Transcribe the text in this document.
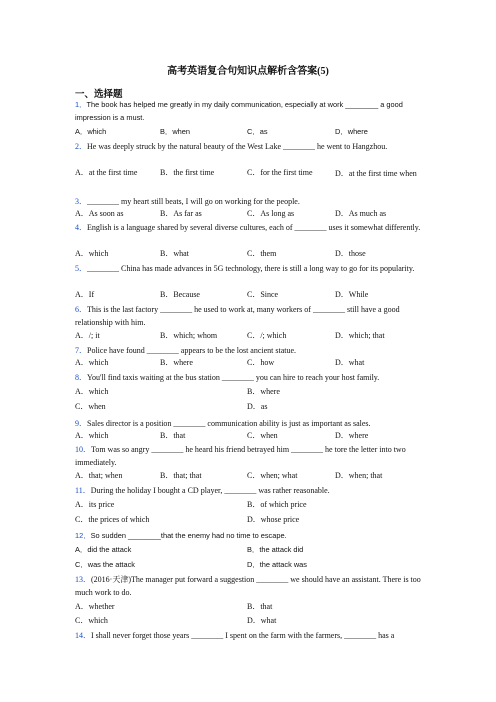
高考英语复合句知识点解析含答案(5)
一、选择题
1．The book has helped me greatly in my daily communication, especially at work ________ a good impression is a must.
A．which	B．when	C．as	D．where
2．He was deeply struck by the natural beauty of the West Lake ________ he went to Hangzhou.
A．at the first time	B．the first time	C．for the first time	D．at the first time when
3．________ my heart still beats, I will go on working for the people.
A．As soon as	B．As far as	C．As long as	D．As much as
4．English is a language shared by several diverse cultures, each of ________ uses it somewhat differently.
A．which	B．what	C．them	D．those
5．________ China has made advances in 5G technology, there is still a long way to go for its popularity.
A．If	B．Because	C．Since	D．While
6．This is the last factory ________ he used to work at, many workers of ________ still have a good relationship with him.
A．/; it	B．which; whom	C．/; which	D．which; that
7．Police have found ________ appears to be the lost ancient statue.
A．which	B．where	C．how	D．what
8．You'll find taxis waiting at the bus station ________ you can hire to reach your host family.
A．which	B．where
C．when	D．as
9．Sales director is a position ________ communication ability is just as important as sales.
A．which	B．that	C．when	D．where
10．Tom was so angry ________ he heard his friend betrayed him ________ he tore the letter into two immediately.
A．that; when	B．that; that	C．when; what	D．when; that
11．During the holiday I bought a CD player, ________ was rather reasonable.
A．its price	B．of which price
C．the prices of which	D．whose price
12．So sudden ________that the enemy had no time to escape.
A．did the attack	B．the attack did
C．was the attack	D．the attack was
13．(2016·天津)The manager put forward a suggestion ________ we should have an assistant. There is too much work to do.
A．whether	B．that
C．which	D．what
14．I shall never forget those years ________ I spent on the farm with the farmers, ________ has a
